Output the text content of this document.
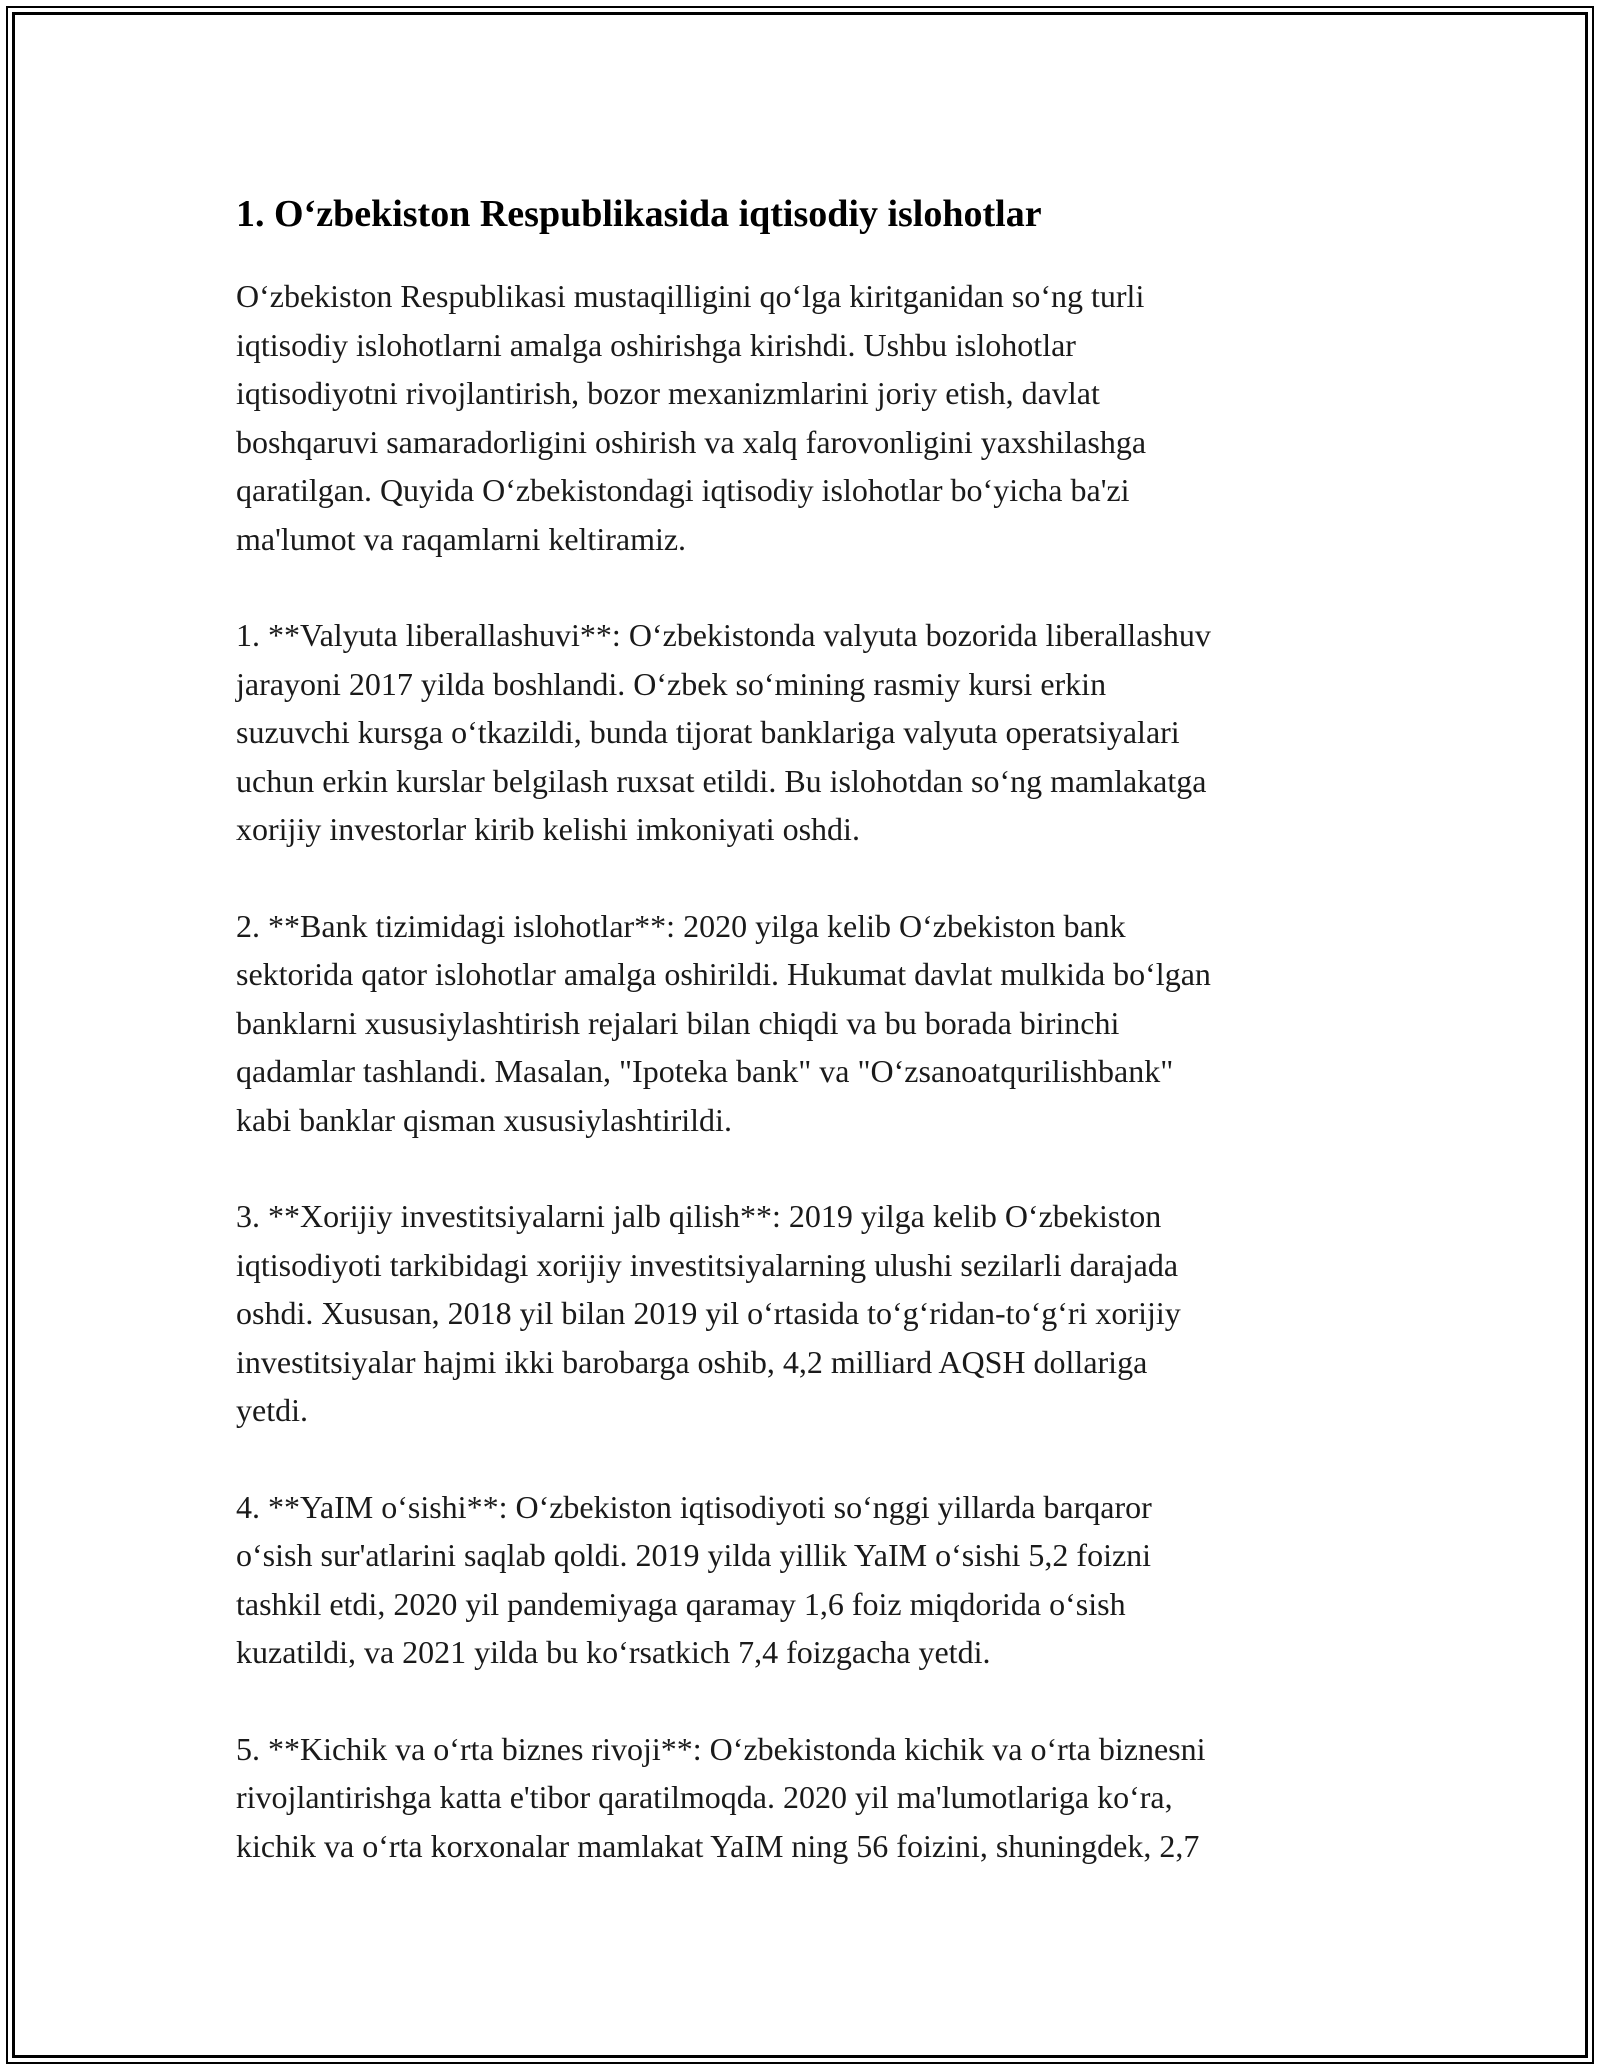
1. O‘zbekiston Respublikasida iqtisodiy islohotlar

O‘zbekiston Respublikasi mustaqilligini qo‘lga kiritganidan so‘ng turli
iqtisodiy islohotlarni amalga oshirishga kirishdi. Ushbu islohotlar
iqtisodiyotni rivojlantirish, bozor mexanizmlarini joriy etish, davlat
boshqaruvi samaradorligini oshirish va xalq farovonligini yaxshilashga
qaratilgan. Quyida O‘zbekistondagi iqtisodiy islohotlar bo‘yicha ba'zi
ma'lumot va raqamlarni keltiramiz.

1. **Valyuta liberallashuvi**: O‘zbekistonda valyuta bozorida liberallashuv
jarayoni 2017 yilda boshlandi. O‘zbek so‘mining rasmiy kursi erkin
suzuvchi kursga o‘tkazildi, bunda tijorat banklariga valyuta operatsiyalari
uchun erkin kurslar belgilash ruxsat etildi. Bu islohotdan so‘ng mamlakatga
xorijiy investorlar kirib kelishi imkoniyati oshdi.

2. **Bank tizimidagi islohotlar**: 2020 yilga kelib O‘zbekiston bank
sektorida qator islohotlar amalga oshirildi. Hukumat davlat mulkida bo‘lgan
banklarni xususiylashtirish rejalari bilan chiqdi va bu borada birinchi
qadamlar tashlandi. Masalan, "Ipoteka bank" va "O‘zsanoatqurilishbank"
kabi banklar qisman xususiylashtirildi.

3. **Xorijiy investitsiyalarni jalb qilish**: 2019 yilga kelib O‘zbekiston
iqtisodiyoti tarkibidagi xorijiy investitsiyalarning ulushi sezilarli darajada
oshdi. Xususan, 2018 yil bilan 2019 yil o‘rtasida to‘g‘ridan-to‘g‘ri xorijiy
investitsiyalar hajmi ikki barobarga oshib, 4,2 milliard AQSH dollariga
yetdi.

4. **YaIM o‘sishi**: O‘zbekiston iqtisodiyoti so‘nggi yillarda barqaror
o‘sish sur'atlarini saqlab qoldi. 2019 yilda yillik YaIM o‘sishi 5,2 foizni
tashkil etdi, 2020 yil pandemiyaga qaramay 1,6 foiz miqdorida o‘sish
kuzatildi, va 2021 yilda bu ko‘rsatkich 7,4 foizgacha yetdi.

5. **Kichik va o‘rta biznes rivoji**: O‘zbekistonda kichik va o‘rta biznesni
rivojlantirishga katta e'tibor qaratilmoqda. 2020 yil ma'lumotlariga ko‘ra,
kichik va o‘rta korxonalar mamlakat YaIM ning 56 foizini, shuningdek, 2,7
